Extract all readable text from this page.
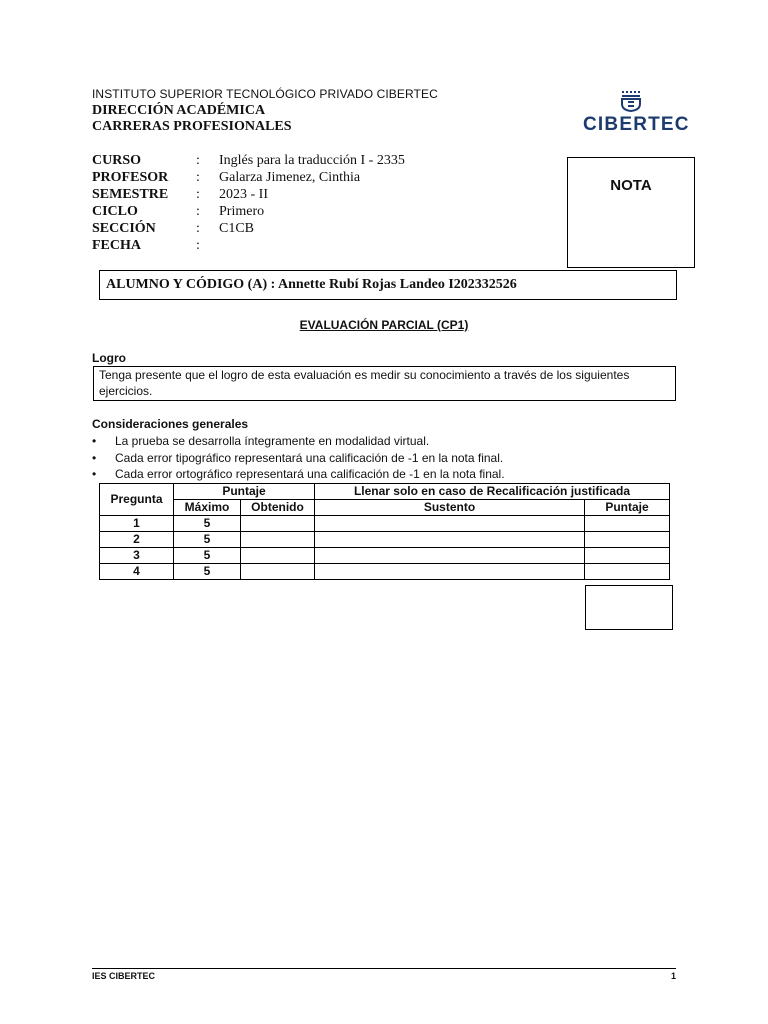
INSTITUTO SUPERIOR TECNOLÓGICO PRIVADO CIBERTEC
DIRECCIÓN ACADÉMICA
CARRERAS PROFESIONALES	CIBERTEC
CURSO	: Inglés para la traducción I - 2335
PROFESOR	: Galarza Jimenez, Cinthia
SEMESTRE	: 2023 - II
CICLO	: Primero
SECCIÓN	: C1CB
FECHA	:
NOTA
ALUMNO Y CÓDIGO (A) : Annette Rubí Rojas Landeo I202332526
EVALUACIÓN PARCIAL (CP1)
Logro
Tenga presente que el logro de esta evaluación es medir su conocimiento a través de los siguientes ejercicios.
Consideraciones generales
• La prueba se desarrolla íntegramente en modalidad virtual.
• Cada error tipográfico representará una calificación de -1 en la nota final.
• Cada error ortográfico representará una calificación de -1 en la nota final.
Pregunta	Puntaje		Llenar solo en caso de Recalificación justificada	
	Máximo	Obtenido	Sustento	Puntaje
1	5			
2	5			
3	5			
4	5			
IES CIBERTEC	1
